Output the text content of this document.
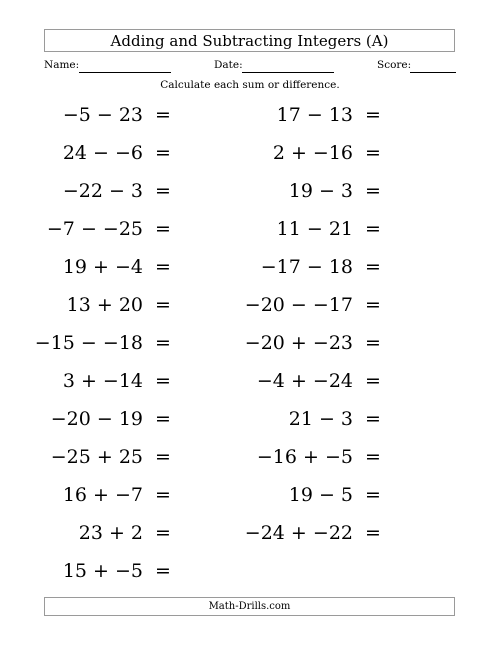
Adding and Subtracting Integers (A)
Name:	Date:	Score:
Calculate each sum or difference.
−5 − 23 =
24 − −6 =
−22 − 3 =
−7 − −25 =
19 + −4 =
13 + 20 =
−15 − −18 =
3 + −14 =
−20 − 19 =
−25 + 25 =
16 + −7 =
23 + 2 =
15 + −5 =
17 − 13 =
2 + −16 =
19 − 3 =
11 − 21 =
−17 − 18 =
−20 − −17 =
−20 + −23 =
−4 + −24 =
21 − 3 =
−16 + −5 =
19 − 5 =
−24 + −22 =
Math-Drills.com
